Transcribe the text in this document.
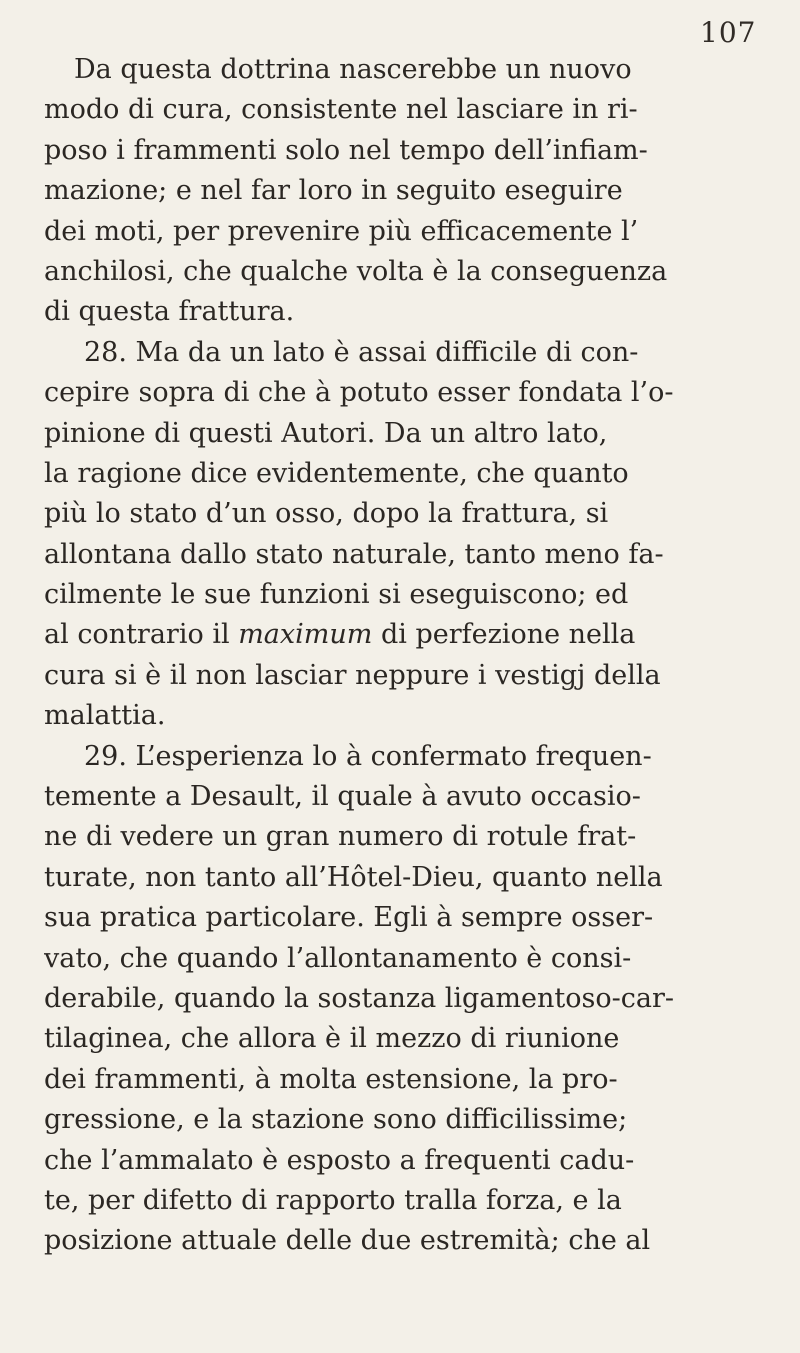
107
Da questa dottrina nascerebbe un nuovo
modo di cura, consistente nel lasciare in ri-
poso i frammenti solo nel tempo dell’infiam-
mazione; e nel far loro in seguito eseguire
dei moti, per prevenire più efficacemente l’
anchilosi, che qualche volta è la conseguenza
di questa frattura.
28. Ma da un lato è assai difficile di con-
cepire sopra di che à potuto esser fondata l’o-
pinione di questi Autori. Da un altro lato,
la ragione dice evidentemente, che quanto
più lo stato d’un osso, dopo la frattura, si
allontana dallo stato naturale, tanto meno fa-
cilmente le sue funzioni si eseguiscono; ed
al contrario il maximum di perfezione nella
cura si è il non lasciar neppure i vestigj della
malattia.
29. L’esperienza lo à confermato frequen-
temente a Desault, il quale à avuto occasio-
ne di vedere un gran numero di rotule frat-
turate, non tanto all’Hôtel-Dieu, quanto nella
sua pratica particolare. Egli à sempre osser-
vato, che quando l’allontanamento è consi-
derabile, quando la sostanza ligamentoso-car-
tilaginea, che allora è il mezzo di riunione
dei frammenti, à molta estensione, la pro-
gressione, e la stazione sono difficilissime;
che l’ammalato è esposto a frequenti cadu-
te, per difetto di rapporto tralla forza, e la
posizione attuale delle due estremità; che al
